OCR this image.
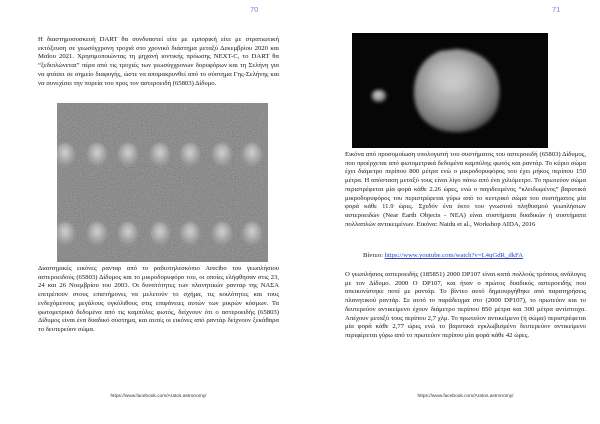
70	71
Η διαστημοσυσκευή DART θα συνδυαστεί είτε με εμπορική είτε με στρατιωτική εκτόξευση σε γεωσύγχρονη τροχιά στο χρονικό διάστημα μεταξύ Δεκεμβρίου 2020 και Μαΐου 2021. Χρησιμοποιώντας τη μηχανή ιοντικής πρόωσης NEXT-C, το DART θα “ξεδιπλώνεται” πέρα από τις τροχιές των γεωσύγχρονων δορυφόρων και τη Σελήνη για να φτάσει σε σημείο διαφυγής, ώστε να απομακρυνθεί από το σύστημα Γης-Σελήνης και να συνεχίσει την πορεία του προς τον αστεροειδή (65803) Δίδυμο.
Διαστημικές εικόνες ρανταρ από το ραδιοτηλεσκόπιο Arecibo του γεωπλήσιου αστεροειδούς (65803) Δίδυμος και το μικροδορυφόρο του, οι οποίες ελήφθησαν στις 23, 24 και 26 Νοεμβρίου του 2003. Οι δυνατότητες των πλανητικών ρανταρ της ΝΑΣΑ επιτρέπουν στους επιστήμονες να μελετούν το σχήμα, τις κοιλότητες και τους ενδεχόμενους μεγάλους ογκόλιθους στις επιφάνειες αυτών των μικρών κόσμων. Τα φωτομετρικά δεδομένα από τις καμπύλες φωτός, δείχνουν ότι ο αστεροειδής (65803) Δίδυμος είναι ένα δυαδικό σύστημα, και αυτές οι εικόνες από ραντάρ δείχνουν ξεκάθαρα το δευτερεύον σώμα.
https://www.facebook.com/Aratos.astronomy/
Εικόνα από προσομοίωση υπολογιστή του συστήματος του αστεροειδή (65803) Δίδυμος, που προέρχεται από φωτομετρικά δεδομένα καμπύλης φωτός και ραντάρ. Το κύριο σώμα έχει διάμετρο περίπου 800 μέτρα ενώ ο μικροδορυφόρος του έχει μήκος περίπου 150 μέτρα. Η απόσταση μεταξύ τους είναι λίγο πάνω από ένα χιλιόμετρο. Το πρωτεύον σώμα περιστρέφεται μία φορά κάθε 2.26 ώρες, ενώ ο παγιδευμένος “κλειδωμένος” βαρυτικά μικροδορυφόρος του περιστρέφεται γύρω από το κεντρικό σώμα του συστήματος μία φορά κάθε 11.9 ώρες. Σχεδόν ένα έκτο του γνωστού πληθυσμού γεωπλήσιων αστεροειδών (Near Earth Objects - NEA) είναι συστήματα δυαδικών ή συστήματα πολλαπλών αντικειμένων. Εικόνα: Naidu et al., Workshop AIDA, 2016
Βίντεο: https://www.youtube.com/watch?v=L4qGdR_dkFA
Ο γεωπλήσιος αστεροειδής (185851) 2000 DP107 είναι κατά πολλούς τρόπους ανάλογος με τον Δίδυμο. 2000 Ο DP107, και ήταν ο πρώτος δυαδικός αστεροειδής που απεικονίστηκε ποτέ με ραντάρ. Το βίντεο αυτό δημιουργήθηκε από παρατηρήσεις πλανητικού ραντάρ. Σε αυτό το παράδειγμα στο (2000 DP107), το πρωτεύον και το δευτερεύον αντικείμενο έχουν διάμετρο περίπου 850 μέτρα και 300 μέτρα αντίστοιχα. Απέχουν μεταξύ τους περίπου 2,7 χλμ. Το πρωτεύον αντικείμενο (ή σώμα) περιστρέφεται μία φορά κάθε 2,77 ώρες ενώ το βαρυτικά εγκλωβισμένο δευτερεύον αντικείμενο περιφέρεται γύρω από το πρωτεύον περίπου μία φορά κάθε 42 ώρες.
https://www.facebook.com/Aratos.astronomy/
